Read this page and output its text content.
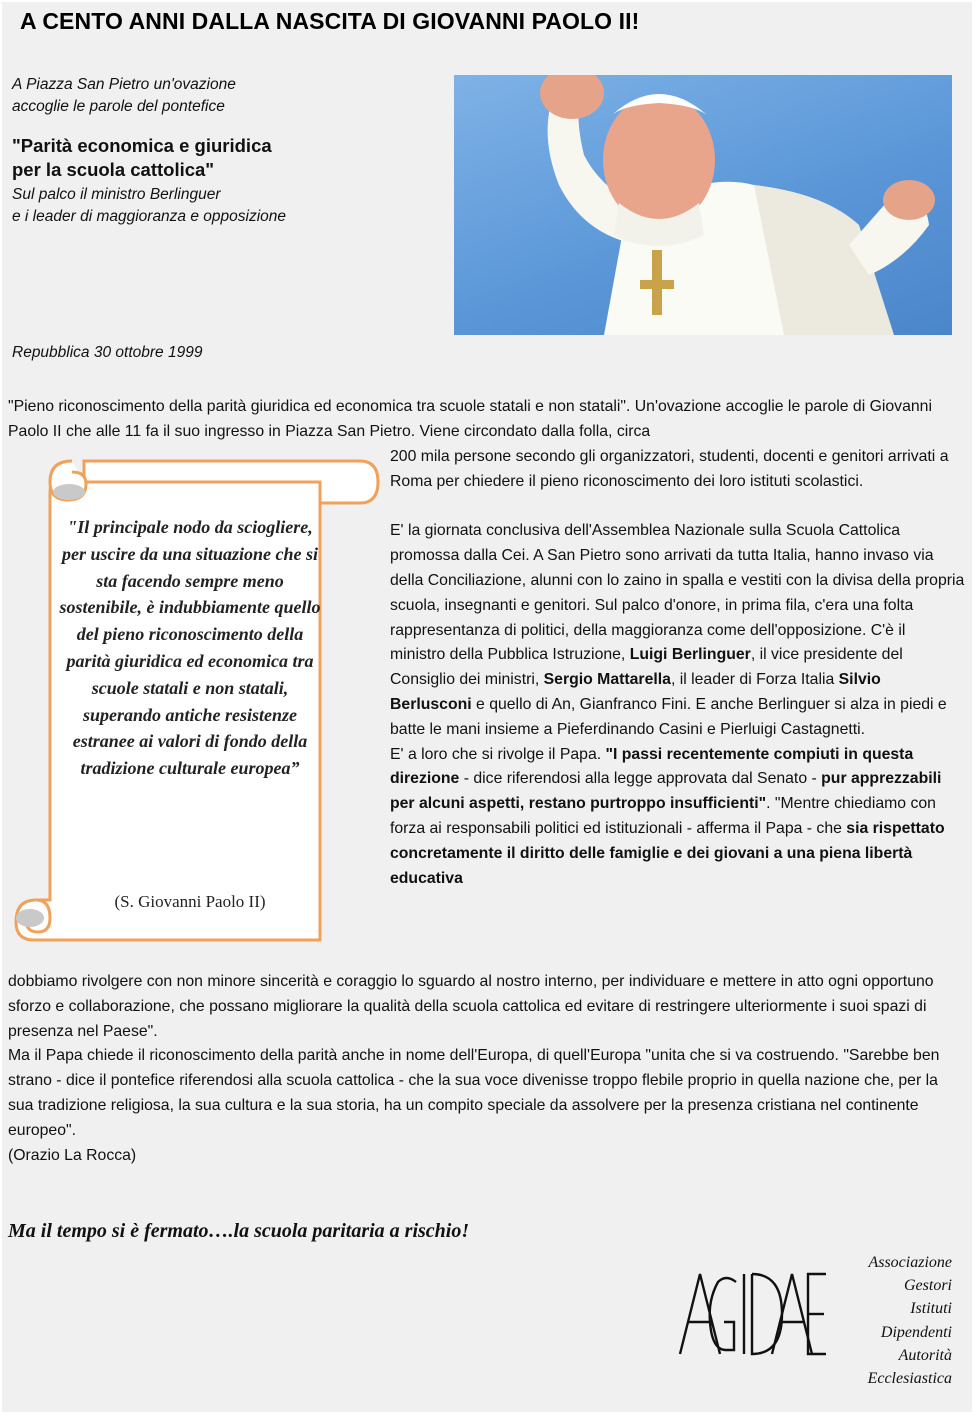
A CENTO ANNI DALLA NASCITA DI GIOVANNI PAOLO II!
A Piazza San Pietro un'ovazione
accoglie le parole del pontefice
"Parità economica e giuridica
per la scuola cattolica"
Sul palco il ministro Berlinguer
e i leader di maggioranza e opposizione
Repubblica 30 ottobre 1999
"Pieno riconoscimento della parità giuridica ed economica tra scuole statali e non statali". Un'ovazione accoglie le parole di Giovanni Paolo II che alle 11 fa il suo ingresso in Piazza San Pietro. Viene circondato dalla folla, circa
200 mila persone secondo gli organizzatori, studenti, docenti e genitori arrivati a Roma per chiedere il pieno riconoscimento dei loro istituti scolastici.
E' la giornata conclusiva dell'Assemblea Nazionale sulla Scuola Cattolica promossa dalla Cei. A San Pietro sono arrivati da tutta Italia, hanno invaso via della Conciliazione, alunni con lo zaino in spalla e vestiti con la divisa della propria scuola, insegnanti e genitori. Sul palco d'onore, in prima fila, c'era una folta rappresentanza di politici, della maggioranza come dell'opposizione. C'è il ministro della Pubblica Istruzione, Luigi Berlinguer, il vice presidente del Consiglio dei ministri, Sergio Mattarella, il leader di Forza Italia Silvio Berlusconi e quello di An, Gianfranco Fini. E anche Berlinguer si alza in piedi e batte le mani insieme a Pieferdinando Casini e Pierluigi Castagnetti.
E' a loro che si rivolge il Papa. "I passi recentemente compiuti in questa direzione - dice riferendosi alla legge approvata dal Senato - pur apprezzabili per alcuni aspetti, restano purtroppo insufficienti". "Mentre chiediamo con forza ai responsabili politici ed istituzionali - afferma il Papa - che sia rispettato concretamente il diritto delle famiglie e dei giovani a una piena libertà educativa
dobbiamo rivolgere con non minore sincerità e coraggio lo sguardo al nostro interno, per individuare e mettere in atto ogni opportuno sforzo e collaborazione, che possano migliorare la qualità della scuola cattolica ed evitare di restringere ulteriormente i suoi spazi di presenza nel Paese".
Ma il Papa chiede il riconoscimento della parità anche in nome dell'Europa, di quell'Europa "unita che si va costruendo. "Sarebbe ben strano - dice il pontefice riferendosi alla scuola cattolica - che la sua voce divenisse troppo flebile proprio in quella nazione che, per la sua tradizione religiosa, la sua cultura e la sua storia, ha un compito speciale da assolvere per la presenza cristiana nel continente europeo".
(Orazio La Rocca)
"Il principale nodo da sciogliere, per uscire da una situazione che si sta facendo sempre meno sostenibile, è indubbiamente quello del pieno riconoscimento della parità giuridica ed economica tra scuole statali e non statali, superando antiche resistenze estranee ai valori di fondo della tradizione culturale europea”
(S. Giovanni Paolo II)
Ma il tempo si è fermato….la scuola paritaria a rischio!
Associazione
Gestori
Istituti
Dipendenti
Autorità
Ecclesiastica
